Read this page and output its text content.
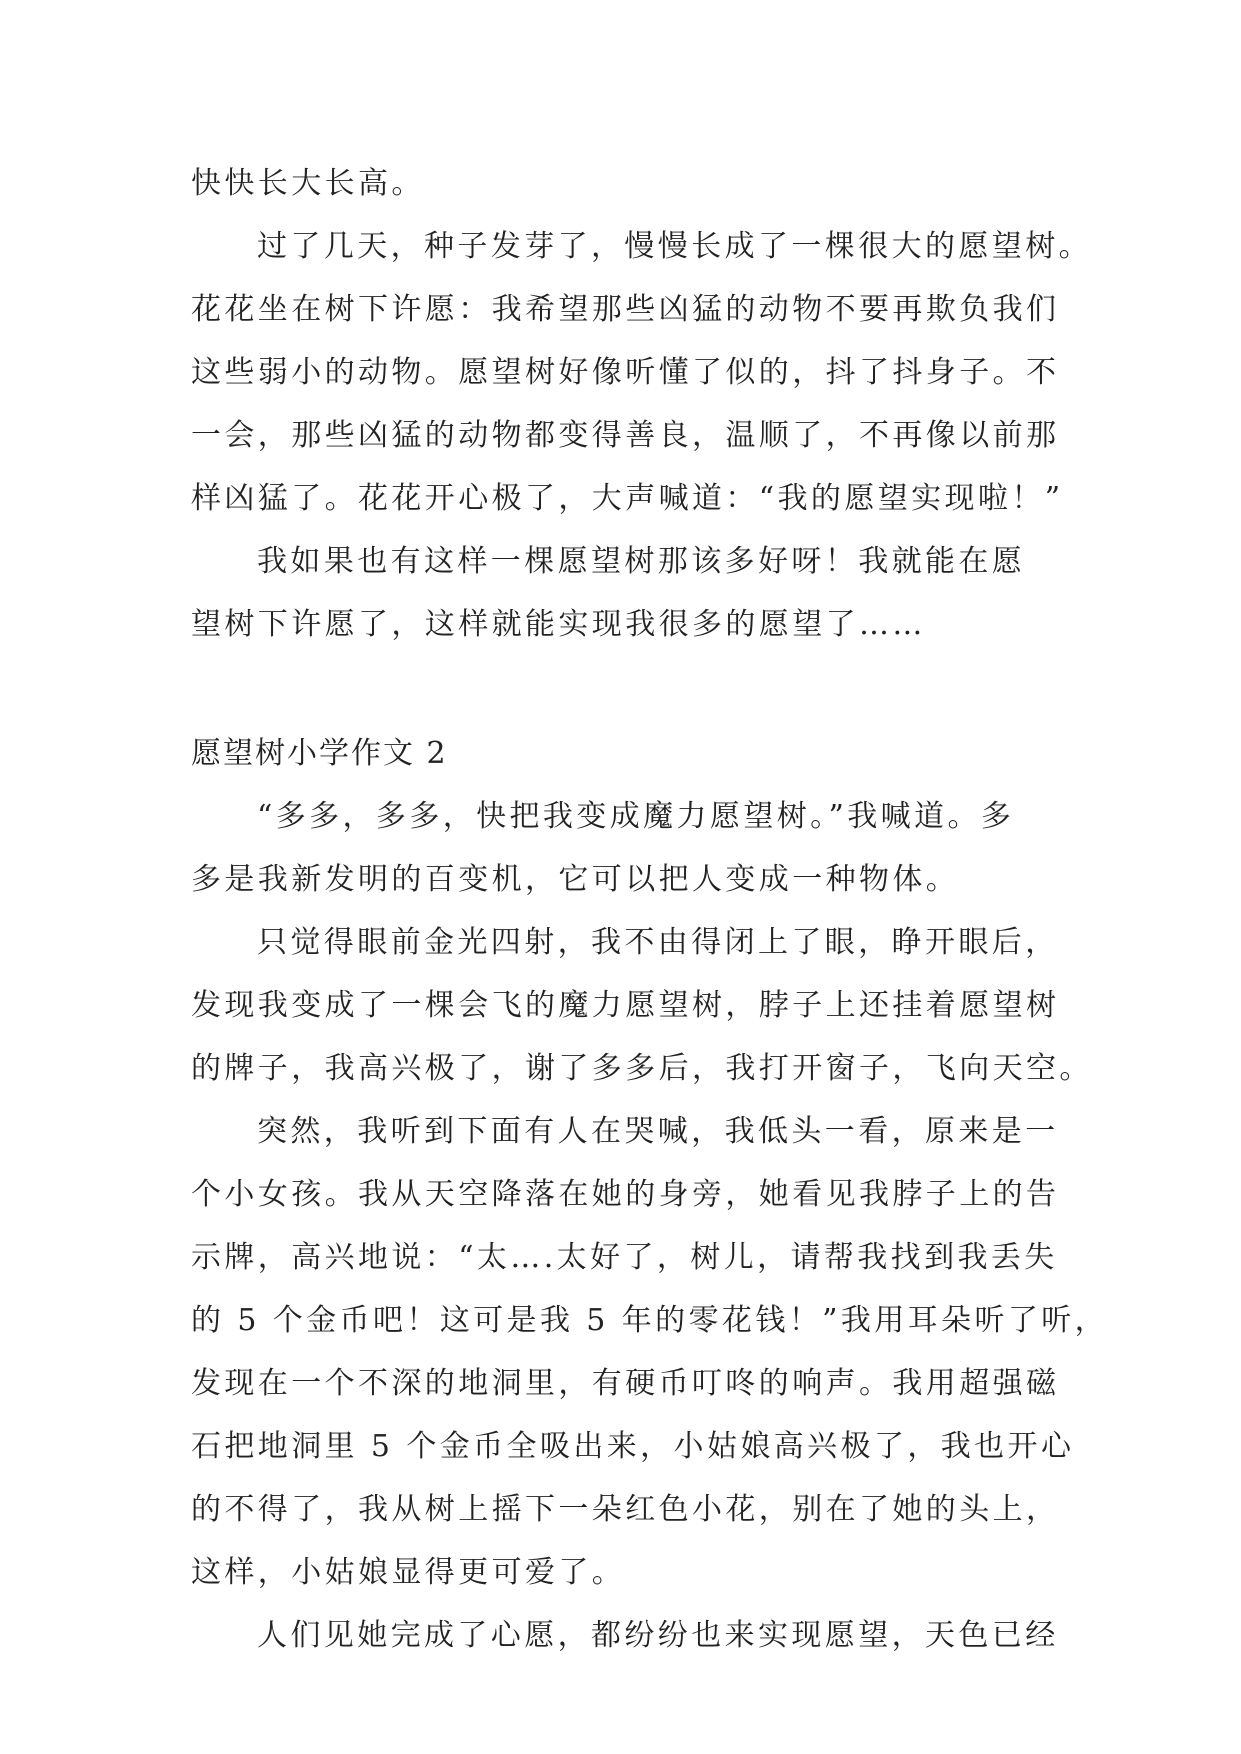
快快长大长高。
过了几天，种子发芽了，慢慢长成了一棵很大的愿望树。
花花坐在树下许愿：我希望那些凶猛的动物不要再欺负我们
这些弱小的动物。愿望树好像听懂了似的，抖了抖身子。不
一会，那些凶猛的动物都变得善良，温顺了，不再像以前那
样凶猛了。花花开心极了，大声喊道：“我的愿望实现啦！”
我如果也有这样一棵愿望树那该多好呀！我就能在愿
望树下许愿了，这样就能实现我很多的愿望了……
愿望树小学作文 2
“多多，多多，快把我变成魔力愿望树。”我喊道。多
多是我新发明的百变机，它可以把人变成一种物体。
只觉得眼前金光四射，我不由得闭上了眼，睁开眼后，
发现我变成了一棵会飞的魔力愿望树，脖子上还挂着愿望树
的牌子，我高兴极了，谢了多多后，我打开窗子，飞向天空。
突然，我听到下面有人在哭喊，我低头一看，原来是一
个小女孩。我从天空降落在她的身旁，她看见我脖子上的告
示牌，高兴地说：“太….太好了，树儿，请帮我找到我丢失
的 5 个金币吧！这可是我 5 年的零花钱！”我用耳朵听了听，
发现在一个不深的地洞里，有硬币叮咚的响声。我用超强磁
石把地洞里 5 个金币全吸出来，小姑娘高兴极了，我也开心
的不得了，我从树上摇下一朵红色小花，别在了她的头上，
这样，小姑娘显得更可爱了。
人们见她完成了心愿，都纷纷也来实现愿望，天色已经
